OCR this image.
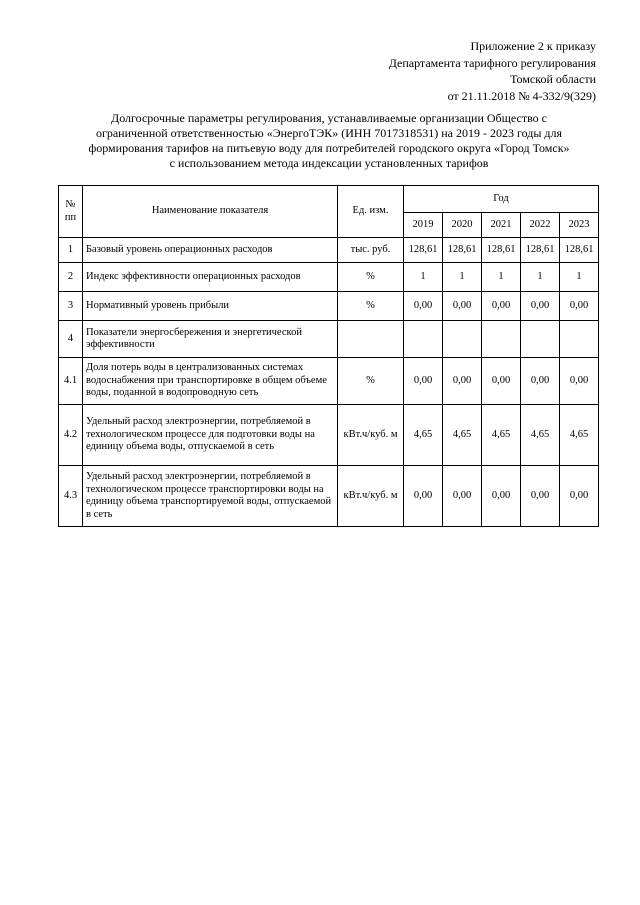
Приложение 2 к приказу
Департамента тарифного регулирования
Томской области
от 21.11.2018 № 4-332/9(329)
Долгосрочные параметры регулирования, устанавливаемые организации Общество с
ограниченной ответственностью «ЭнергоТЭК» (ИНН 7017318531) на 2019 - 2023 годы для
формирования тарифов на питьевую воду для потребителей городского округа «Город Томск»
с использованием метода индексации установленных тарифов
№ пп	Наименование показателя	Ед. изм.	Год				
			2019	2020	2021	2022	2023
1	Базовый уровень операционных расходов	тыс. руб.	128,61	128,61	128,61	128,61	128,61
2	Индекс эффективности операционных расходов	%	1	1	1	1	1
3	Нормативный уровень прибыли	%	0,00	0,00	0,00	0,00	0,00
4	Показатели энергосбережения и энергетической эффективности						
4.1	Доля потерь воды в централизованных системах водоснабжения при транспортировке в общем объеме воды, поданной в водопроводную сеть	%	0,00	0,00	0,00	0,00	0,00
4.2	Удельный расход электроэнергии, потребляемой в технологическом процессе для подготовки воды на единицу объема воды, отпускаемой в сеть	кВт.ч/куб. м	4,65	4,65	4,65	4,65	4,65
4.3	Удельный расход электроэнергии, потребляемой в технологическом процессе транспортировки воды на единицу объема транспортируемой воды, отпускаемой в сеть	кВт.ч/куб. м	0,00	0,00	0,00	0,00	0,00
